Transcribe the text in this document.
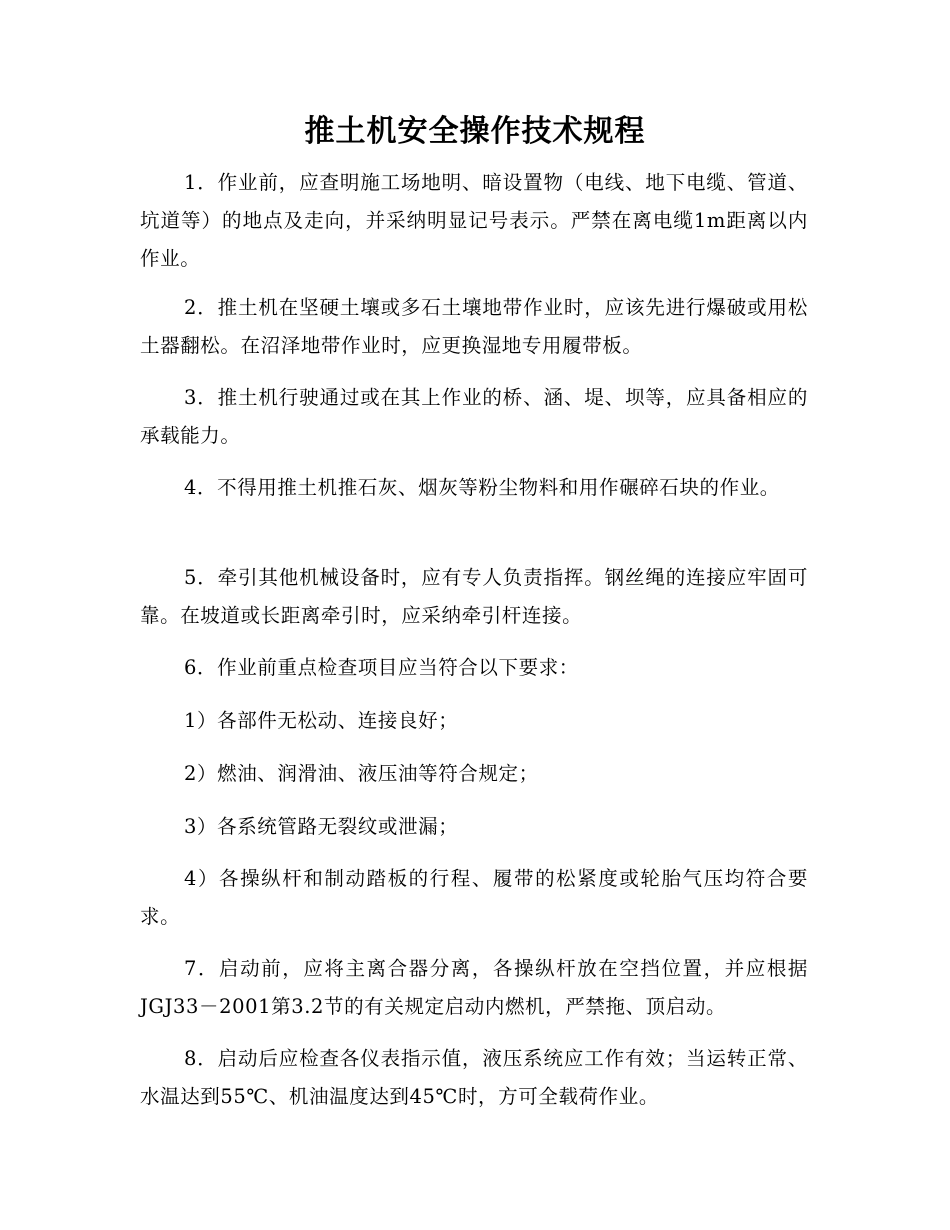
推土机安全操作技术规程

1．作业前，应查明施工场地明、暗设置物（电线、地下电缆、管道、坑道等）的地点及走向，并采纳明显记号表示。严禁在离电缆1m距离以内作业。

2．推土机在坚硬土壤或多石土壤地带作业时，应该先进行爆破或用松土器翻松。在沼泽地带作业时，应更换湿地专用履带板。

3．推土机行驶通过或在其上作业的桥、涵、堤、坝等，应具备相应的承载能力。

4．不得用推土机推石灰、烟灰等粉尘物料和用作碾碎石块的作业。

5．牵引其他机械设备时，应有专人负责指挥。钢丝绳的连接应牢固可靠。在坡道或长距离牵引时，应采纳牵引杆连接。

6．作业前重点检查项目应当符合以下要求：

1）各部件无松动、连接良好；

2）燃油、润滑油、液压油等符合规定；

3）各系统管路无裂纹或泄漏；

4）各操纵杆和制动踏板的行程、履带的松紧度或轮胎气压均符合要求。

7．启动前，应将主离合器分离，各操纵杆放在空挡位置，并应根据JGJ33－2001第3.2节的有关规定启动内燃机，严禁拖、顶启动。

8．启动后应检查各仪表指示值，液压系统应工作有效；当运转正常、水温达到55℃、机油温度达到45℃时，方可全载荷作业。
